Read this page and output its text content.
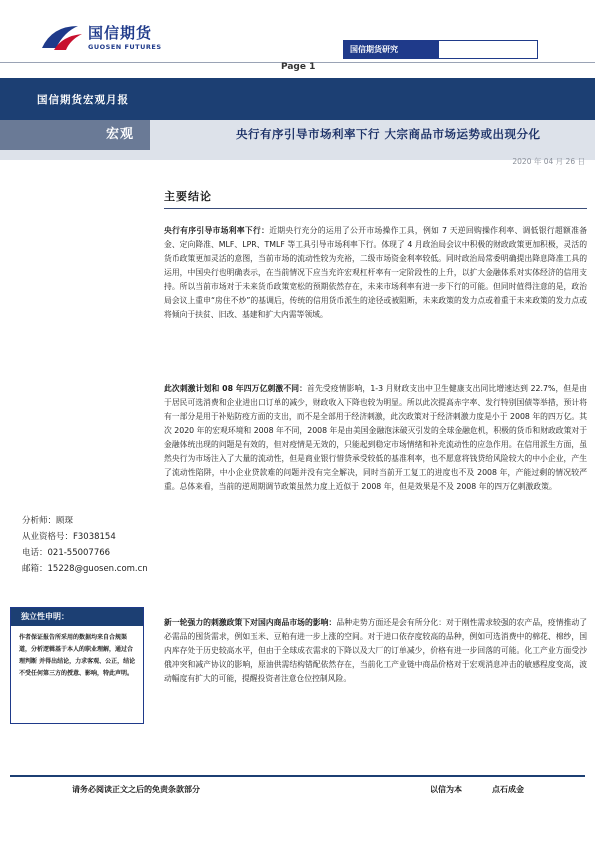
国信期货
GUOSEN FUTURES	国信期货研究
Page 1
国信期货宏观月报
宏观	央行有序引导市场利率下行 大宗商品市场运势或出现分化
2020 年 04 月 26 日
主要结论
央行有序引导市场利率下行：近期央行充分的运用了公开市场操作工具，例如 7 天逆回购操作利率、调低银行超额准备金、定向降准、MLF、LPR、TMLF 等工具引导市场利率下行。体现了 4 月政治局会议中积极的财政政策更加积极，灵活的货币政策更加灵活的意图，当前市场的流动性较为充裕，二级市场资金利率较低。同时政治局常委明确提出降息降准工具的运用，中国央行也明确表示，在当前情况下应当充许宏观杠杆率有一定阶段性的上升，以扩大金融体系对实体经济的信用支持。所以当前市场对于未来货币政策宽松的预期依然存在，未来市场利率有进一步下行的可能。但同时值得注意的是，政治局会议上重申“房住不炒”的基调后，传统的信用货币派生的途径或被阻断，未来政策的发力点或着重于未来政策的发力点或将倾向于扶贫、旧改、基建和扩大内需等领域。
此次刺激计划和 08 年四万亿刺激不同：首先受疫情影响，1-3 月财政支出中卫生健康支出同比增速达到 22.7%，但是由于居民可选消费和企业进出口订单的减少，财政收入下降也较为明显。所以此次提高赤字率、发行特别国债等举措，预计将有一部分是用于补贴防疫方面的支出，而不是全部用于经济刺激，此次政策对于经济刺激力度是小于 2008 年的四万亿。其次 2020 年的宏观环境和 2008 年不同，2008 年是由美国金融泡沫破灭引发的全球金融危机，积极的货币和财政政策对于金融体统出现的问题是有效的，但对疫情是无效的，只能起到稳定市场情绪和补充流动性的应急作用。在信用派生方面，虽然央行为市场注入了大量的流动性，但是商业银行惜贷承受较低的基准利率，也不愿意将钱贷给风险较大的中小企业，产生了流动性陷阱，中小企业贷款难的问题并没有完全解决，同时当前开工复工的进度也不及 2008 年，产能过剩的情况较严重。总体来看，当前的逆周期调节政策虽然力度上近似于 2008 年，但是效果是不及 2008 年的四万亿刺激政策。
新一轮强力的刺激政策下对国内商品市场的影响：品种走势方面还是会有所分化：对于刚性需求较强的农产品，疫情推动了必需品的囤货需求，例如玉米、豆粕有进一步上涨的空间。对于进口依存度较高的品种，例如可选消费中的棉花、棉纱，国内库存处于历史较高水平，但由于全球成衣需求的下降以及大厂的订单减少，价格有进一步回落的可能。化工产业方面受沙俄冲突和减产协议的影响，原油供需结构错配依然存在，当前化工产业链中商品价格对于宏观消息冲击的敏感程度变高，波动幅度有扩大的可能，提醒投资者注意仓位控制风险。
分析师：顾琛
从业资格号：F3038154
电话：021-55007766
邮箱：15228@guosen.com.cn
独立性申明：
作者保证报告所采用的数据均来自合规渠道，分析逻辑基于本人的职业理解，通过合理判断 并得出结论，力求客观、公正，结论不受任何第三方的授意、影响，特此声明。
请务必阅读正文之后的免责条款部分	以信为本	点石成金
